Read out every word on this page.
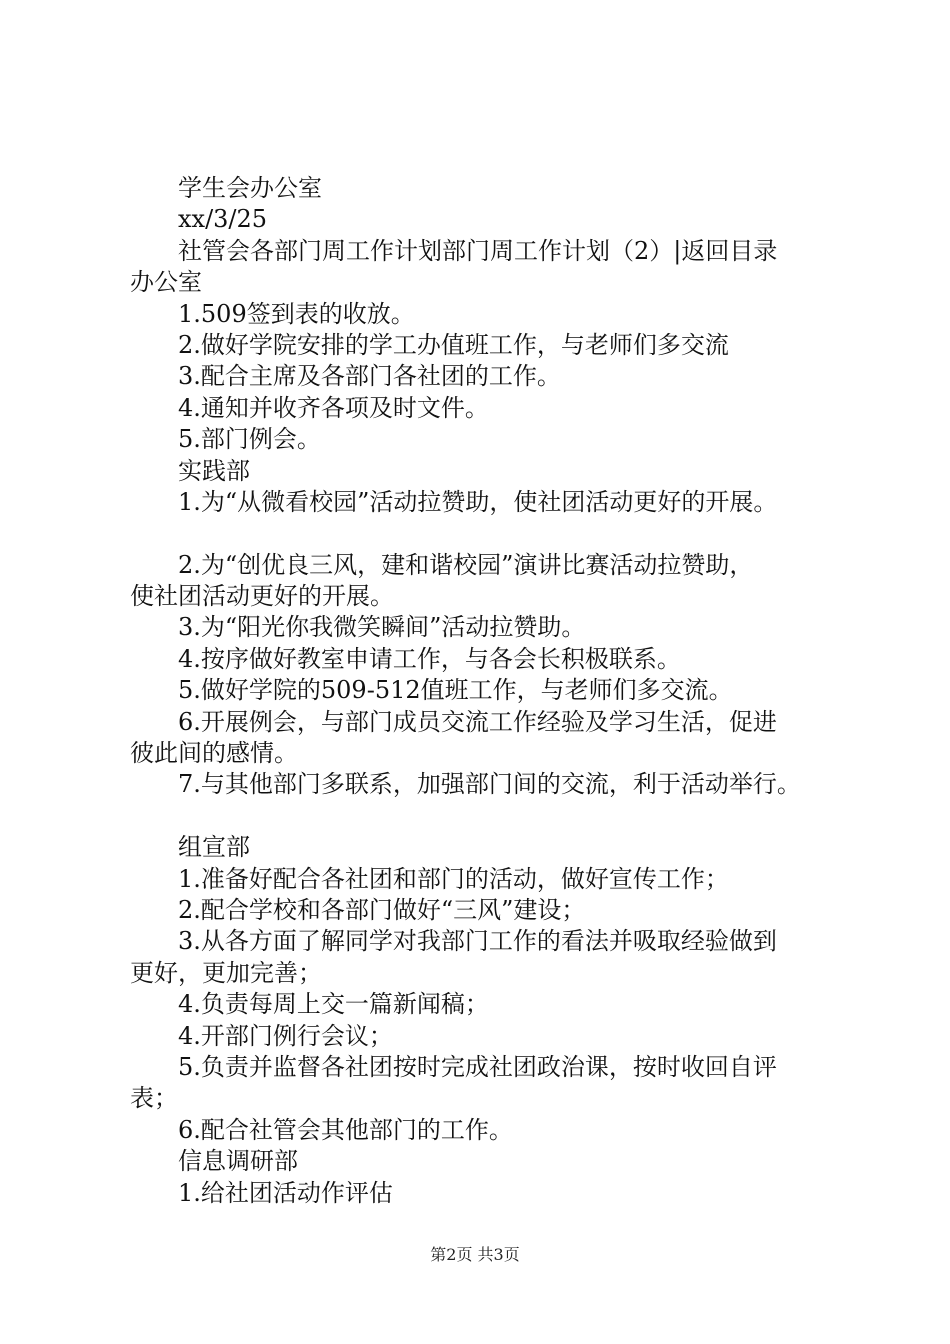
学生会办公室
xx/3/25
社管会各部门周工作计划部门周工作计划（2）|返回目录
办公室
1.509签到表的收放。
2.做好学院安排的学工办值班工作，与老师们多交流
3.配合主席及各部门各社团的工作。
4.通知并收齐各项及时文件。
5.部门例会。
实践部
1.为“从微看校园”活动拉赞助，使社团活动更好的开展。
2.为“创优良三风，建和谐校园”演讲比赛活动拉赞助，
使社团活动更好的开展。
3.为“阳光你我微笑瞬间”活动拉赞助。
4.按序做好教室申请工作，与各会长积极联系。
5.做好学院的509-512值班工作，与老师们多交流。
6.开展例会，与部门成员交流工作经验及学习生活，促进
彼此间的感情。
7.与其他部门多联系，加强部门间的交流，利于活动举行。
组宣部
1.准备好配合各社团和部门的活动，做好宣传工作；
2.配合学校和各部门做好“三风”建设；
3.从各方面了解同学对我部门工作的看法并吸取经验做到
更好，更加完善；
4.负责每周上交一篇新闻稿；
4.开部门例行会议；
5.负责并监督各社团按时完成社团政治课，按时收回自评
表；
6.配合社管会其他部门的工作。
信息调研部
1.给社团活动作评估
第2页 共3页
